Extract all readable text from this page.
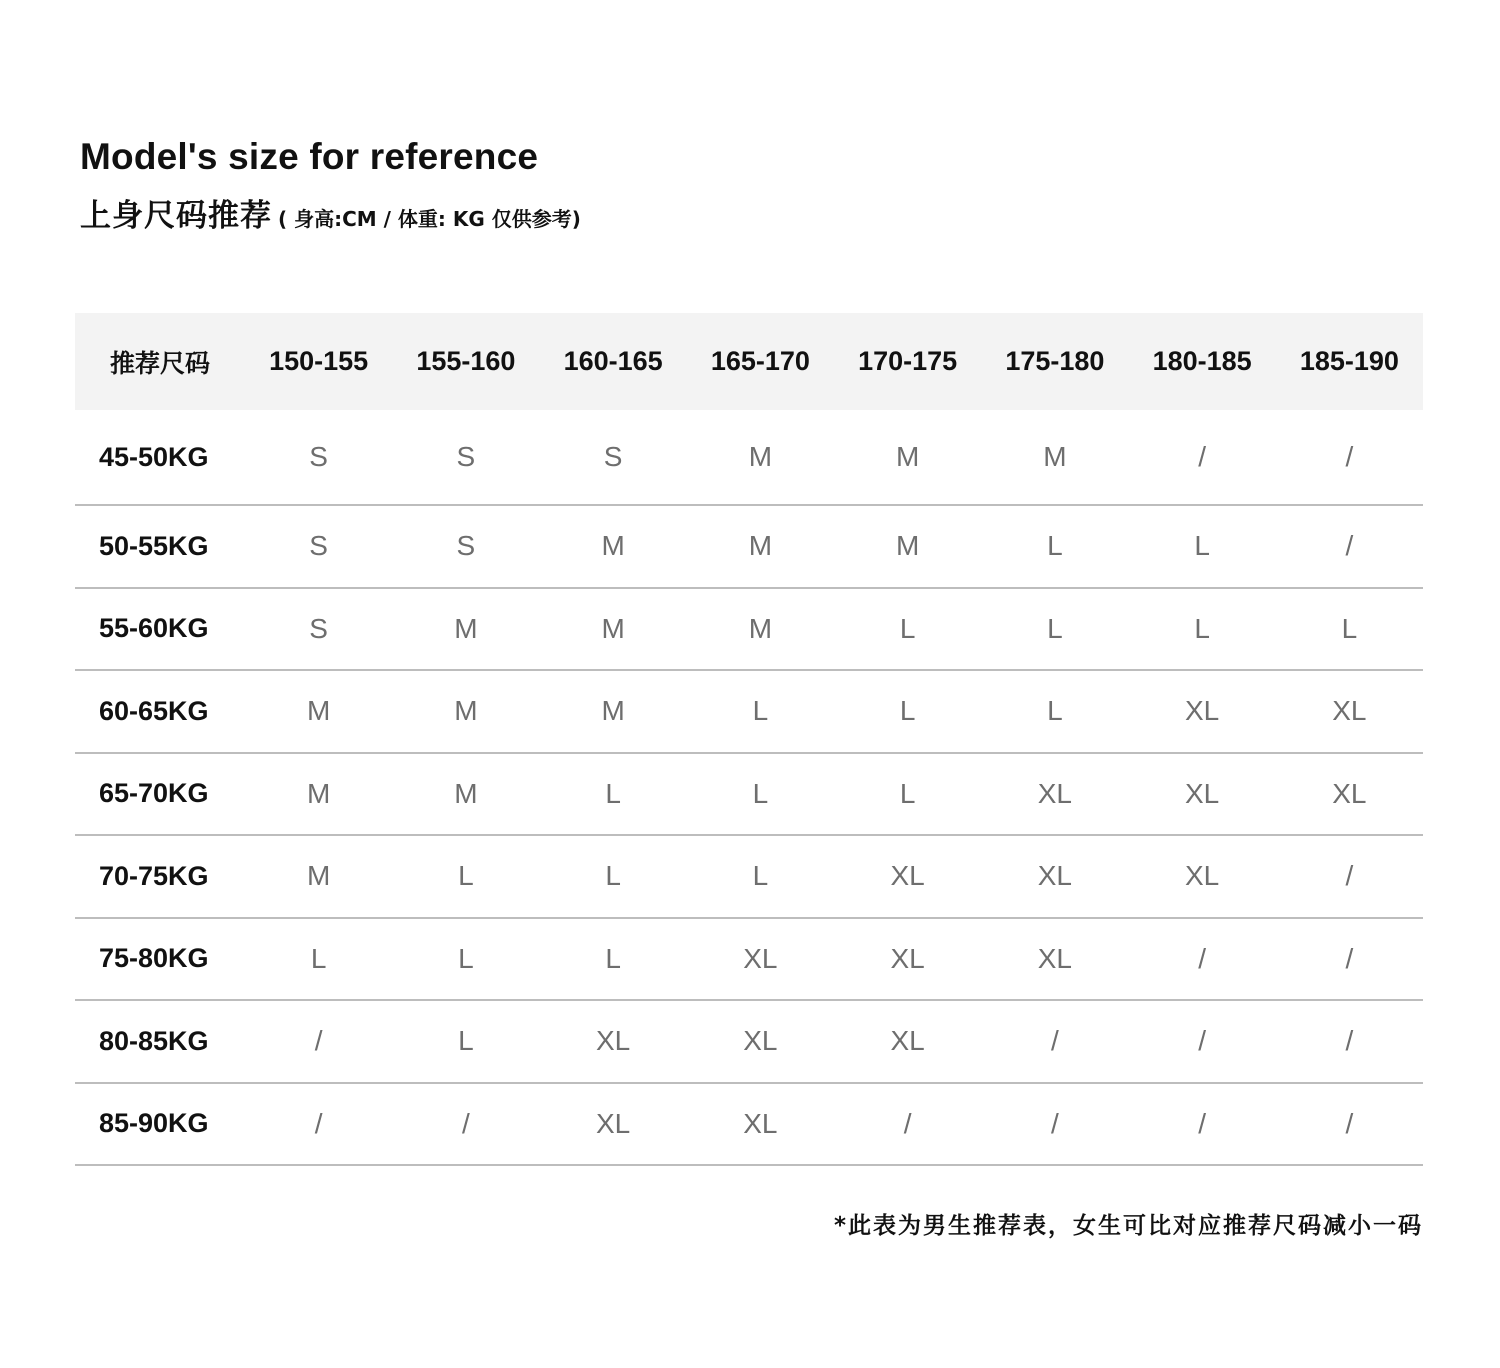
Model's size for reference
上身尺码推荐 ( 身高:CM / 体重: KG 仅供参考)
推荐尺码	150-155	155-160	160-165	165-170	170-175	175-180	180-185	185-190
45-50KG	S	S	S	M	M	M	/	/
50-55KG	S	S	M	M	M	L	L	/
55-60KG	S	M	M	M	L	L	L	L
60-65KG	M	M	M	L	L	L	XL	XL
65-70KG	M	M	L	L	L	XL	XL	XL
70-75KG	M	L	L	L	XL	XL	XL	/
75-80KG	L	L	L	XL	XL	XL	/	/
80-85KG	/	L	XL	XL	XL	/	/	/
85-90KG	/	/	XL	XL	/	/	/	/
*此表为男生推荐表，女生可比对应推荐尺码减小一码
